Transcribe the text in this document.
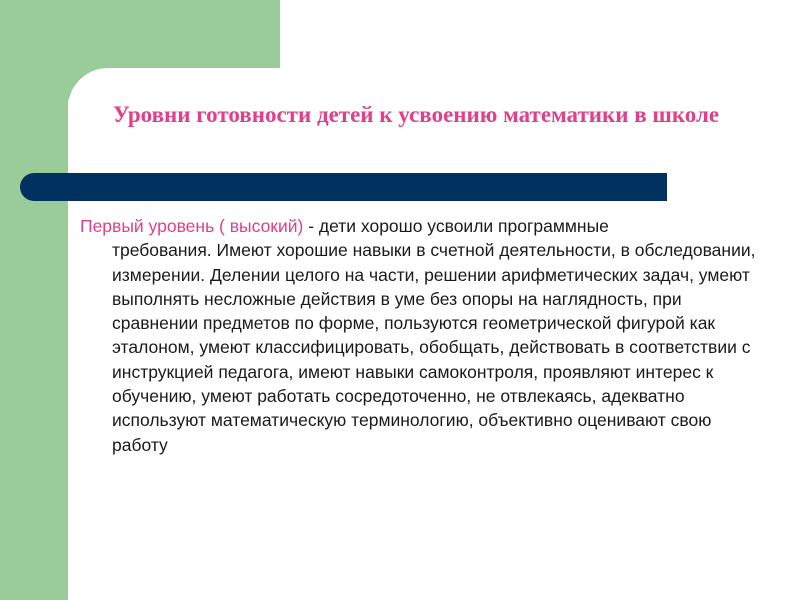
Уровни готовности детей к усвоению математики в школе
Первый уровень ( высокий) - дети хорошо усвоили программные
требования. Имеют хорошие навыки в счетной деятельности, в обследовании, измерении. Делении целого на части, решении арифметических задач, умеют выполнять несложные действия в уме без опоры на наглядность, при сравнении предметов по форме, пользуются геометрической фигурой как эталоном, умеют классифицировать, обобщать, действовать в соответствии с инструкцией педагога, имеют навыки самоконтроля, проявляют интерес к обучению, умеют работать сосредоточенно, не отвлекаясь, адекватно используют математическую терминологию, объективно оценивают свою работу
